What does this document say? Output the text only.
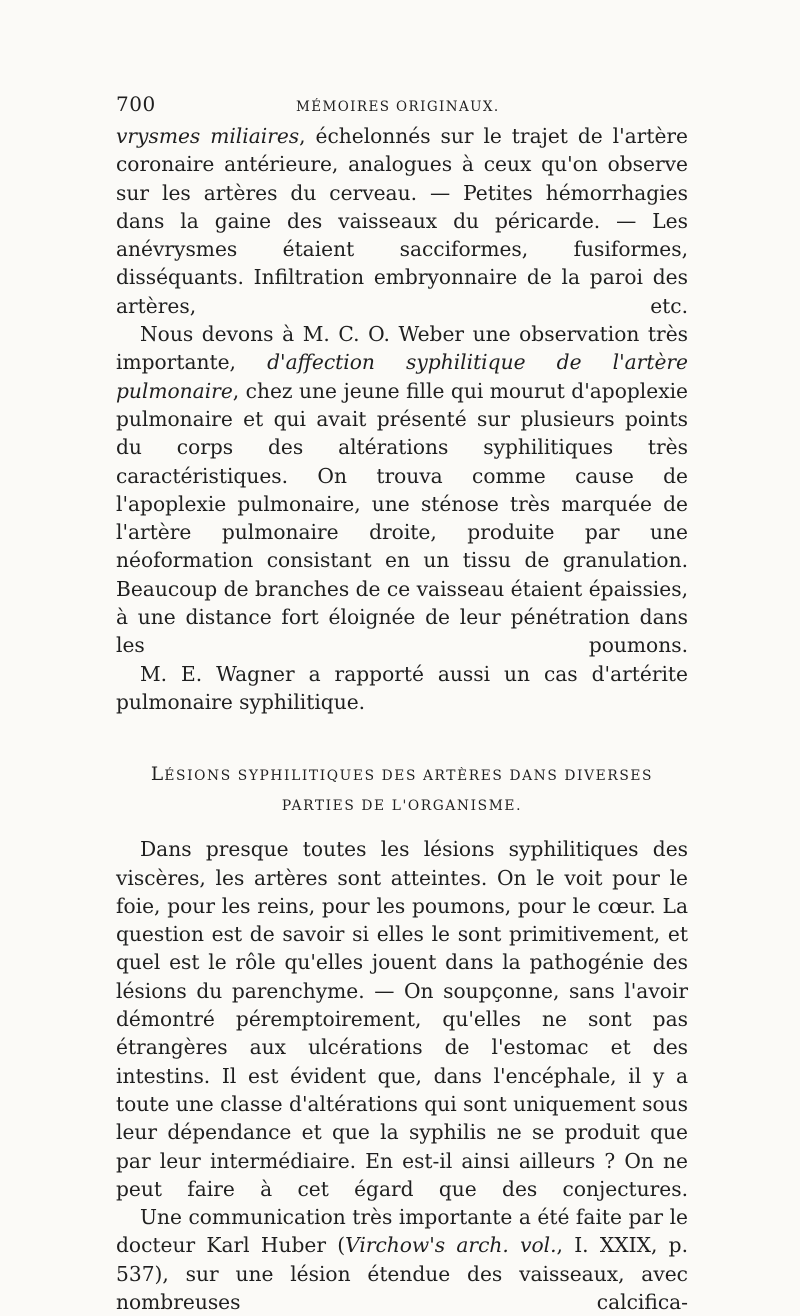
700	MÉMOIRES ORIGINAUX.

vrysmes miliaires, échelonnés sur le trajet de l'artère coronaire antérieure, analogues à ceux qu'on observe sur les artères du cerveau. — Petites hémorrhagies dans la gaine des vaisseaux du péricarde. — Les anévrysmes étaient sacciformes, fusiformes, disséquants. Infiltration embryonnaire de la paroi des artères, etc.

Nous devons à M. C. O. Weber une observation très importante, d'affection syphilitique de l'artère pulmonaire, chez une jeune fille qui mourut d'apoplexie pulmonaire et qui avait présenté sur plusieurs points du corps des altérations syphilitiques très caractéristiques. On trouva comme cause de l'apoplexie pulmonaire, une sténose très marquée de l'artère pulmonaire droite, produite par une néoformation consistant en un tissu de granulation. Beaucoup de branches de ce vaisseau étaient épaissies, à une distance fort éloignée de leur pénétration dans les poumons.

M. E. Wagner a rapporté aussi un cas d'artérite pulmonaire syphilitique.

LÉSIONS SYPHILITIQUES DES ARTÈRES DANS DIVERSES
PARTIES DE L'ORGANISME.

Dans presque toutes les lésions syphilitiques des viscères, les artères sont atteintes. On le voit pour le foie, pour les reins, pour les poumons, pour le cœur. La question est de savoir si elles le sont primitivement, et quel est le rôle qu'elles jouent dans la pathogénie des lésions du parenchyme. — On soupçonne, sans l'avoir démontré péremptoirement, qu'elles ne sont pas étrangères aux ulcérations de l'estomac et des intestins. Il est évident que, dans l'encéphale, il y a toute une classe d'altérations qui sont uniquement sous leur dépendance et que la syphilis ne se produit que par leur intermédiaire. En est-il ainsi ailleurs ? On ne peut faire à cet égard que des conjectures.

Une communication très importante a été faite par le docteur Karl Huber (Virchow's arch. vol., I. XXIX, p. 537), sur une lésion étendue des vaisseaux, avec nombreuses calcifica-
